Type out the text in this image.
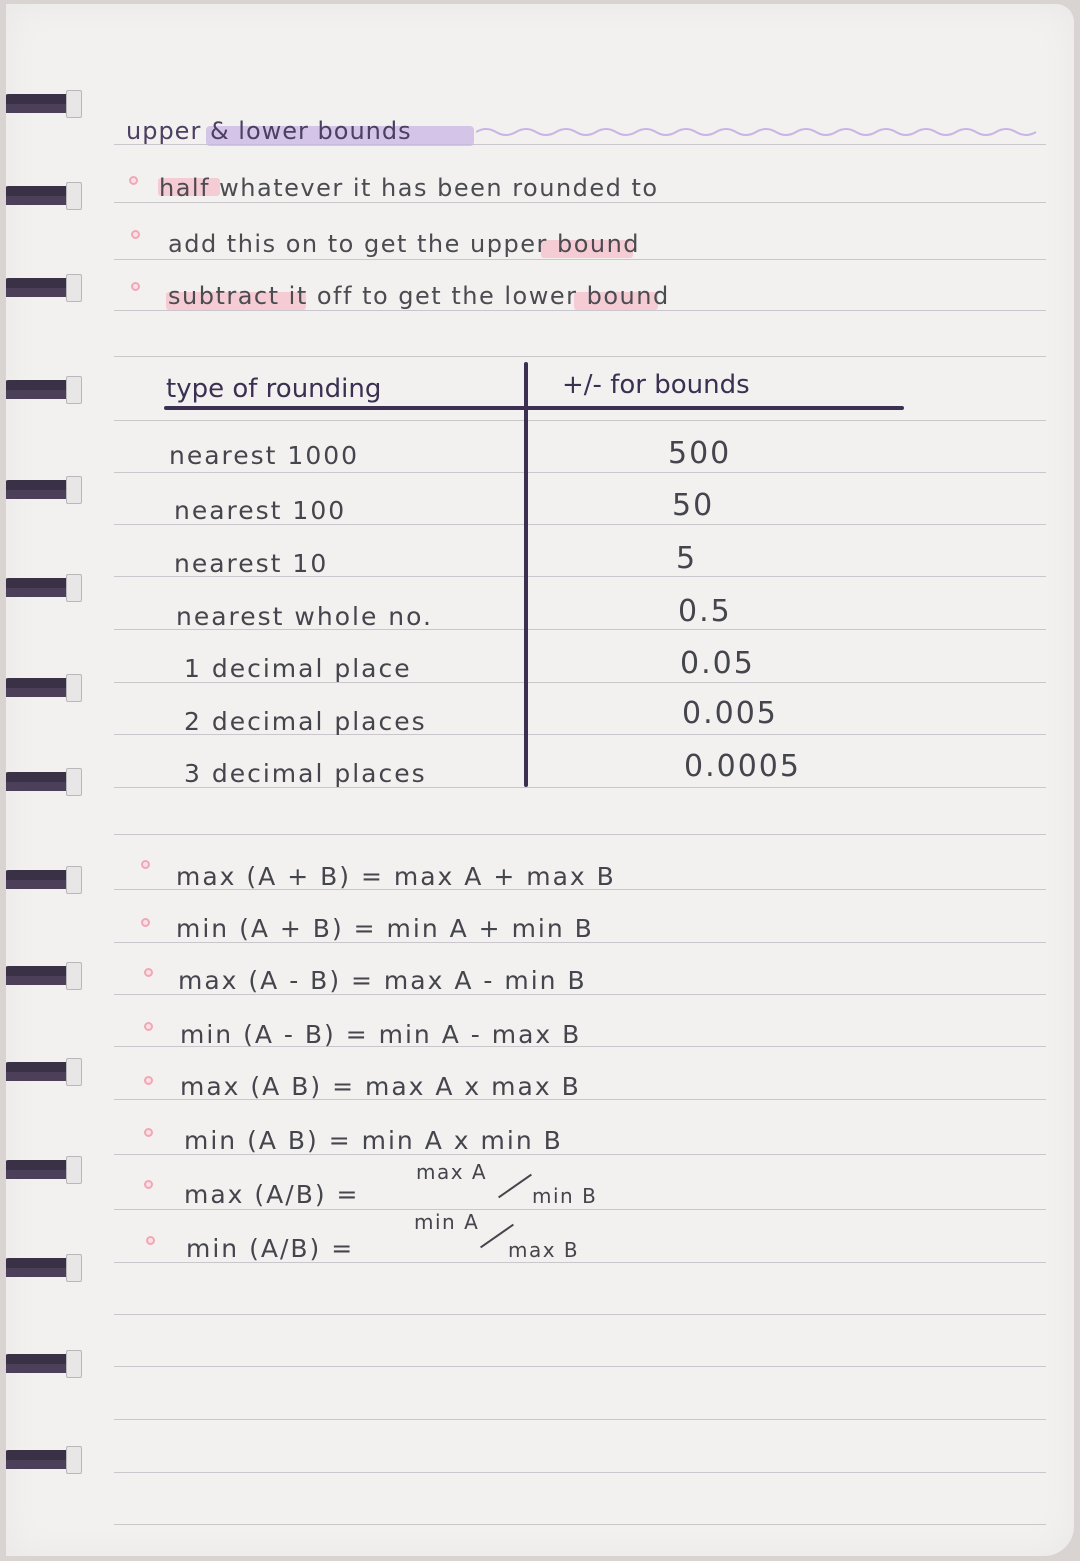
upper & lower bounds
half whatever it has been rounded to
add this on to get the upper bound
subtract it off to get the lower bound
type of rounding	+/- for bounds
nearest 1000	500
nearest 100	50
nearest 10	5
nearest whole no.	0.5
1 decimal place	0.05
2 decimal places	0.005
3 decimal places	0.0005
max (A + B) = max A + max B
min (A + B) = min A + min B
max (A - B) = max A - min B
min (A - B) = min A - max B
max (A B) = max A x max B
min (A B) = min A x min B
max (A/B) =
max A
min B
min (A/B) =
min A
max B
